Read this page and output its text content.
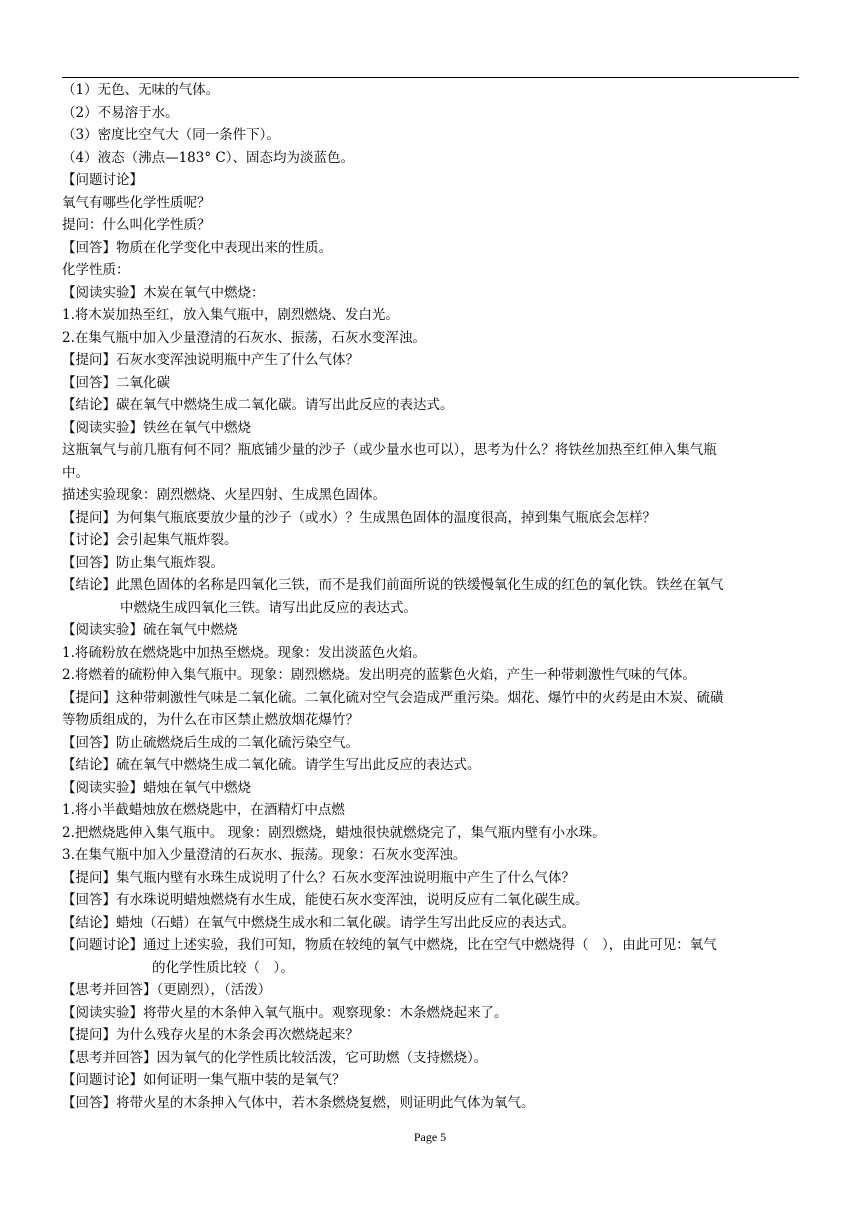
（1）无色、无味的气体。
（2）不易溶于水。
（3）密度比空气大（同一条件下）。
（4）液态（沸点—183° C）、固态均为淡蓝色。
【问题讨论】
氧气有哪些化学性质呢？
提问：什么叫化学性质？
【回答】物质在化学变化中表现出来的性质。
化学性质：
【阅读实验】木炭在氧气中燃烧：
1.将木炭加热至红，放入集气瓶中，剧烈燃烧、发白光。
2.在集气瓶中加入少量澄清的石灰水、振荡，石灰水变浑浊。
【提问】石灰水变浑浊说明瓶中产生了什么气体？
【回答】二氧化碳
【结论】碳在氧气中燃烧生成二氧化碳。请写出此反应的表达式。
【阅读实验】铁丝在氧气中燃烧
这瓶氧气与前几瓶有何不同？瓶底铺少量的沙子（或少量水也可以），思考为什么？将铁丝加热至红伸入集气瓶
中。
描述实验现象：剧烈燃烧、火星四射、生成黑色固体。
【提问】为何集气瓶底要放少量的沙子（或水）？生成黑色固体的温度很高，掉到集气瓶底会怎样？
【讨论】会引起集气瓶炸裂。
【回答】防止集气瓶炸裂。
【结论】此黑色固体的名称是四氧化三铁，而不是我们前面所说的铁缓慢氧化生成的红色的氧化铁。铁丝在氧气
中燃烧生成四氧化三铁。请写出此反应的表达式。
【阅读实验】硫在氧气中燃烧
1.将硫粉放在燃烧匙中加热至燃烧。现象：发出淡蓝色火焰。
2.将燃着的硫粉伸入集气瓶中。现象：剧烈燃烧。发出明亮的蓝紫色火焰，产生一种带刺激性气味的气体。
【提问】这种带刺激性气味是二氧化硫。二氧化硫对空气会造成严重污染。烟花、爆竹中的火药是由木炭、硫磺
等物质组成的，为什么在市区禁止燃放烟花爆竹？
【回答】防止硫燃烧后生成的二氧化硫污染空气。
【结论】硫在氧气中燃烧生成二氧化硫。请学生写出此反应的表达式。
【阅读实验】蜡烛在氧气中燃烧
1.将小半截蜡烛放在燃烧匙中，在酒精灯中点燃
2.把燃烧匙伸入集气瓶中。 现象：剧烈燃烧，蜡烛很快就燃烧完了，集气瓶内壁有小水珠。
3.在集气瓶中加入少量澄清的石灰水、振荡。现象：石灰水变浑浊。
【提问】集气瓶内壁有水珠生成说明了什么？石灰水变浑浊说明瓶中产生了什么气体？
【回答】有水珠说明蜡烛燃烧有水生成，能使石灰水变浑浊，说明反应有二氧化碳生成。
【结论】蜡烛（石蜡）在氧气中燃烧生成水和二氧化碳。请学生写出此反应的表达式。
【问题讨论】通过上述实验，我们可知，物质在较纯的氧气中燃烧，比在空气中燃烧得（　），由此可见：氧气
的化学性质比较（　）。
【思考并回答】（更剧烈），（活泼）
【阅读实验】将带火星的木条伸入氧气瓶中。观察现象：木条燃烧起来了。
【提问】为什么残存火星的木条会再次燃烧起来？
【思考并回答】因为氧气的化学性质比较活泼，它可助燃（支持燃烧）。
【问题讨论】如何证明一集气瓶中装的是氧气？
【回答】将带火星的木条抻入气体中，若木条燃烧复燃，则证明此气体为氧气。
Page 5
